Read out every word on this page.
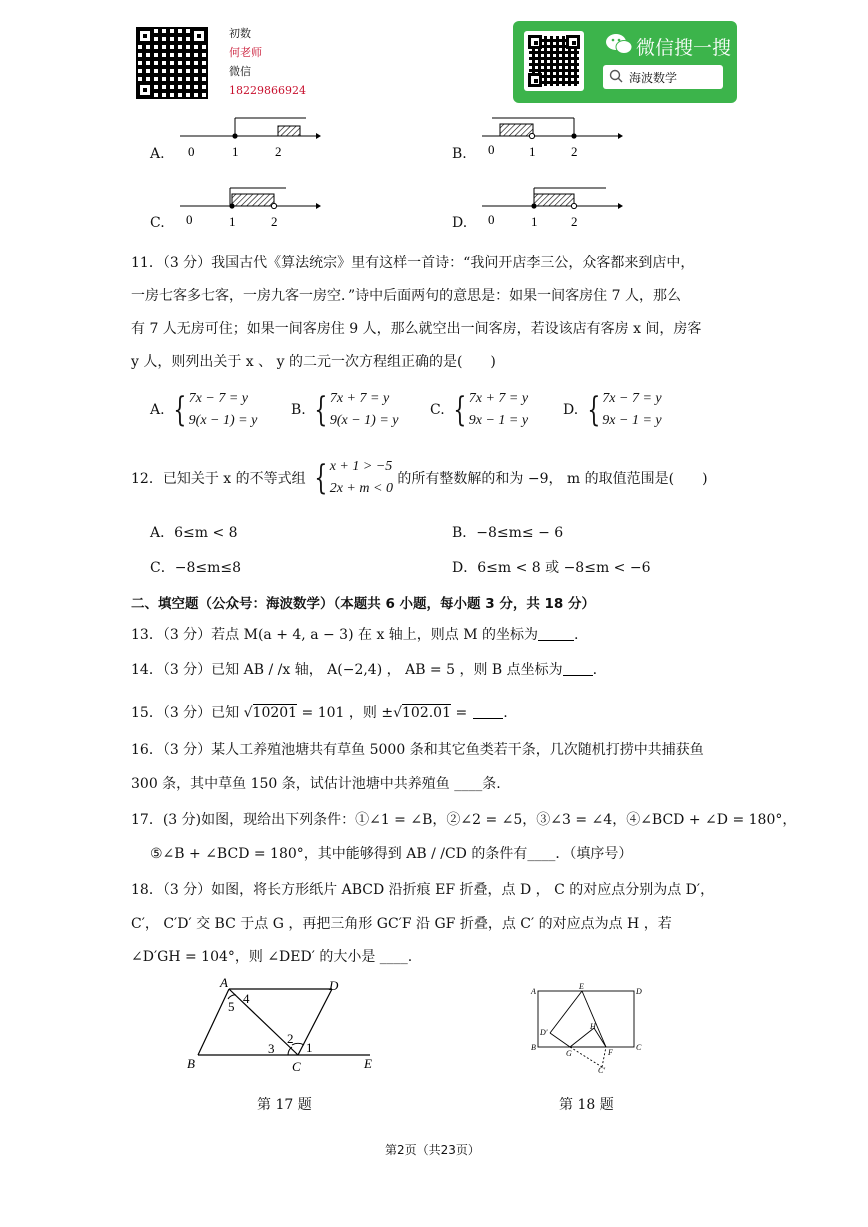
初数
何老师
微信
18229866924
微信搜一搜
海波数学
A. 0	1	2	B. 0	1	2
C. 0	1	2	D. 0	1	2
11．（3 分）我国古代《算法统宗》里有这样一首诗：“我问开店李三公，众客都来到店中，
一房七客多七客，一房九客一房空．”诗中后面两句的意思是：如果一间客房住 7 人，那么
有 7 人无房可住；如果一间客房住 9 人，那么就空出一间客房，若设该店有客房 x 间，房客
y 人，则列出关于 x 、 y 的二元一次方程组正确的是(　　)
A. { 7x − 7 = y
9(x − 1) = y
B. { 7x + 7 = y
9(x − 1) = y
C. { 7x + 7 = y
9x − 1 = y
D. { 7x − 7 = y
9x − 1 = y
12．已知关于 x 的不等式组 { x + 1 > −5
2x + m < 0
的所有整数解的和为 −9， m 的取值范围是(　　)
A．6≤m < 8	B．−8≤m≤ − 6
C．−8≤m≤8	D．6≤m < 8 或 −8≤m < −6
二、填空题（公众号：海波数学）（本题共 6 小题，每小题 3 分，共 18 分）
13．（3 分）若点 M(a + 4, a − 3) 在 x 轴上，则点 M 的坐标为	.
14．（3 分）已知 AB / /x 轴， A(−2,4) ， AB = 5 ，则 B 点坐标为 .
15．（3 分）已知 √10201 = 101 ，则 ±√102.01 =	.
16．（3 分）某人工养殖池塘共有草鱼 5000 条和其它鱼类若干条，几次随机打捞中共捕获鱼
300 条，其中草鱼 150 条，试估计池塘中共养殖鱼 ____条.
17．(3 分)如图，现给出下列条件：①∠1 = ∠B，②∠2 = ∠5，③∠3 = ∠4，④∠BCD + ∠D = 180°，
⑤∠B + ∠BCD = 180°，其中能够得到 AB / /CD 的条件有____．（填序号）
18．（3 分）如图，将长方形纸片 ABCD 沿折痕 EF 折叠，点 D ， C 的对应点分别为点 D′，
C′， C′D′ 交 BC 于点 G ，再把三角形 GC′F 沿 GF 折叠，点 C′ 的对应点为点 H ，若
∠D′GH = 104°，则 ∠DED′ 的大小是 ____.
A	D
4
5
2
3 1
B	C	E
第 17 题
A
E
D
D′
H
B
G	F
C
C′
第 18 题
第2页（共23页）
